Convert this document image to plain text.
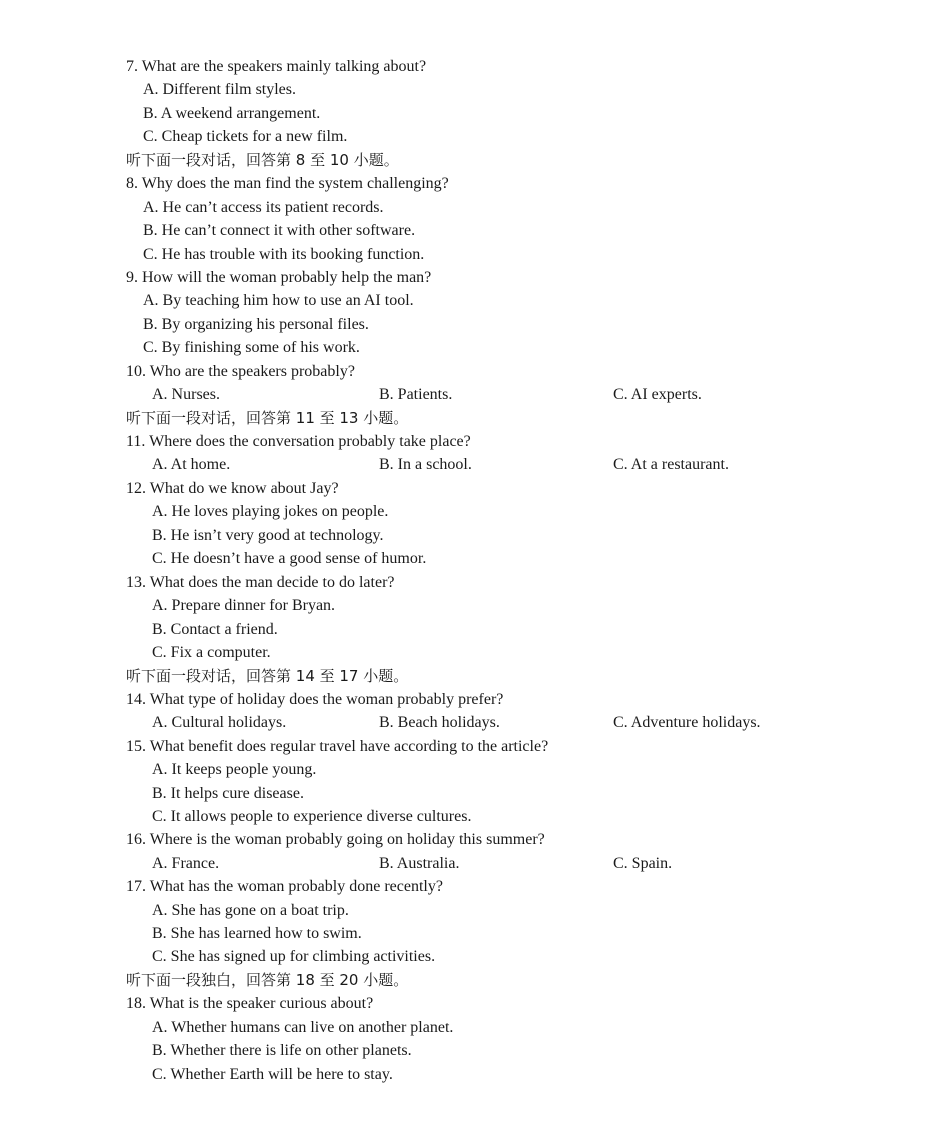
7. What are the speakers mainly talking about?
A. Different film styles.
B. A weekend arrangement.
C. Cheap tickets for a new film.
听下面一段对话，回答第 8 至 10 小题。
8. Why does the man find the system challenging?
A. He can’t access its patient records.
B. He can’t connect it with other software.
C. He has trouble with its booking function.
9. How will the woman probably help the man?
A. By teaching him how to use an AI tool.
B. By organizing his personal files.
C. By finishing some of his work.
10. Who are the speakers probably?
A. Nurses.	B. Patients.	C. AI experts.
听下面一段对话，回答第 11 至 13 小题。
11. Where does the conversation probably take place?
A. At home.	B. In a school.	C. At a restaurant.
12. What do we know about Jay?
A. He loves playing jokes on people.
B. He isn’t very good at technology.
C. He doesn’t have a good sense of humor.
13. What does the man decide to do later?
A. Prepare dinner for Bryan.
B. Contact a friend.
C. Fix a computer.
听下面一段对话，回答第 14 至 17 小题。
14. What type of holiday does the woman probably prefer?
A. Cultural holidays.	B. Beach holidays.	C. Adventure holidays.
15. What benefit does regular travel have according to the article?
A. It keeps people young.
B. It helps cure disease.
C. It allows people to experience diverse cultures.
16. Where is the woman probably going on holiday this summer?
A. France.	B. Australia.	C. Spain.
17. What has the woman probably done recently?
A. She has gone on a boat trip.
B. She has learned how to swim.
C. She has signed up for climbing activities.
听下面一段独白，回答第 18 至 20 小题。
18. What is the speaker curious about?
A. Whether humans can live on another planet.
B. Whether there is life on other planets.
C. Whether Earth will be here to stay.
